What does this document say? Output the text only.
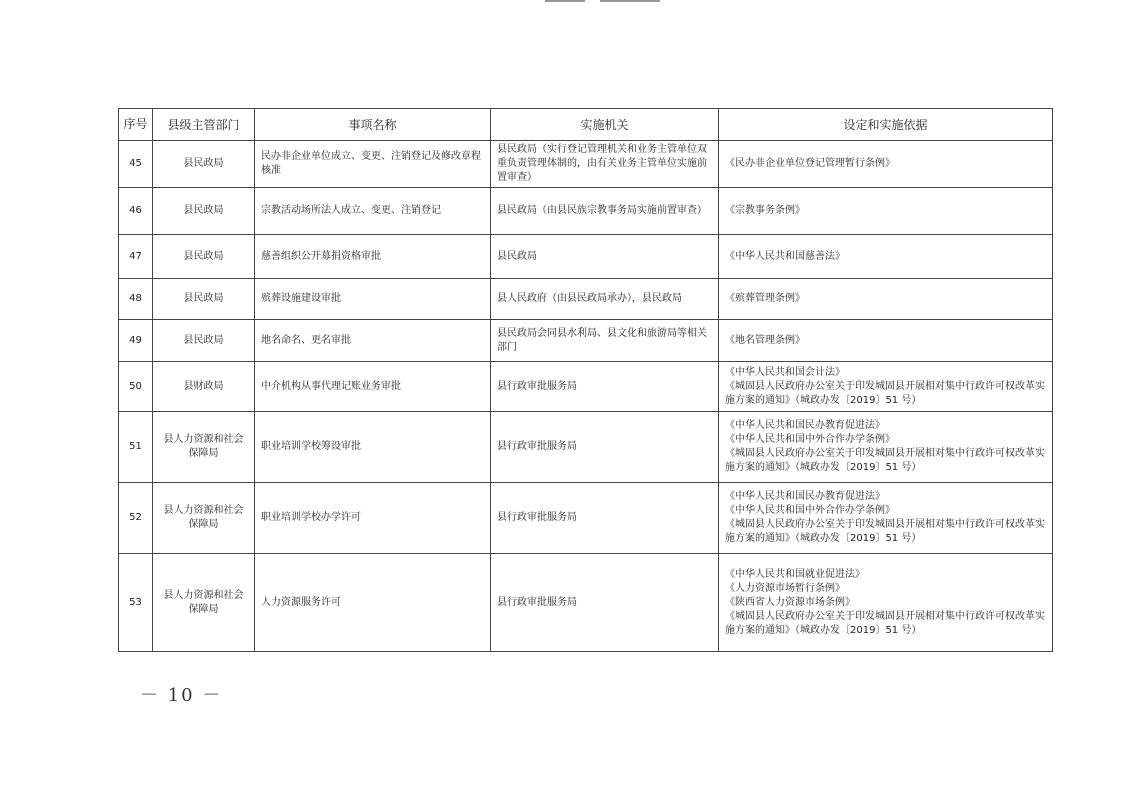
序号	县级主管部门	事项名称	实施机关	设定和实施依据
45	县民政局	民办非企业单位成立、变更、注销登记及修改章程核准	县民政局（实行登记管理机关和业务主管单位双重负责管理体制的，由有关业务主管单位实施前置审查）	《民办非企业单位登记管理暂行条例》
46	县民政局	宗教活动场所法人成立、变更、注销登记	县民政局（由县民族宗教事务局实施前置审查）	《宗教事务条例》
47	县民政局	慈善组织公开募捐资格审批	县民政局	《中华人民共和国慈善法》
48	县民政局	殡葬设施建设审批	县人民政府（由县民政局承办），县民政局	《殡葬管理条例》
49	县民政局	地名命名、更名审批	县民政局会同县水利局、县文化和旅游局等相关部门	《地名管理条例》
50	县财政局	中介机构从事代理记账业务审批	县行政审批服务局	《中华人民共和国会计法》
《城固县人民政府办公室关于印发城固县开展相对集中行政许可权改革实施方案的通知》（城政办发〔2019〕51 号）
51	县人力资源和社会保障局	职业培训学校筹设审批	县行政审批服务局	《中华人民共和国民办教育促进法》
《中华人民共和国中外合作办学条例》
《城固县人民政府办公室关于印发城固县开展相对集中行政许可权改革实施方案的通知》（城政办发〔2019〕51 号）
52	县人力资源和社会保障局	职业培训学校办学许可	县行政审批服务局	《中华人民共和国民办教育促进法》
《中华人民共和国中外合作办学条例》
《城固县人民政府办公室关于印发城固县开展相对集中行政许可权改革实施方案的通知》（城政办发〔2019〕51 号）
53	县人力资源和社会保障局	人力资源服务许可	县行政审批服务局	《中华人民共和国就业促进法》
《人力资源市场暂行条例》
《陕西省人力资源市场条例》
《城固县人民政府办公室关于印发城固县开展相对集中行政许可权改革实施方案的通知》（城政办发〔2019〕51 号）
－ 10 －
